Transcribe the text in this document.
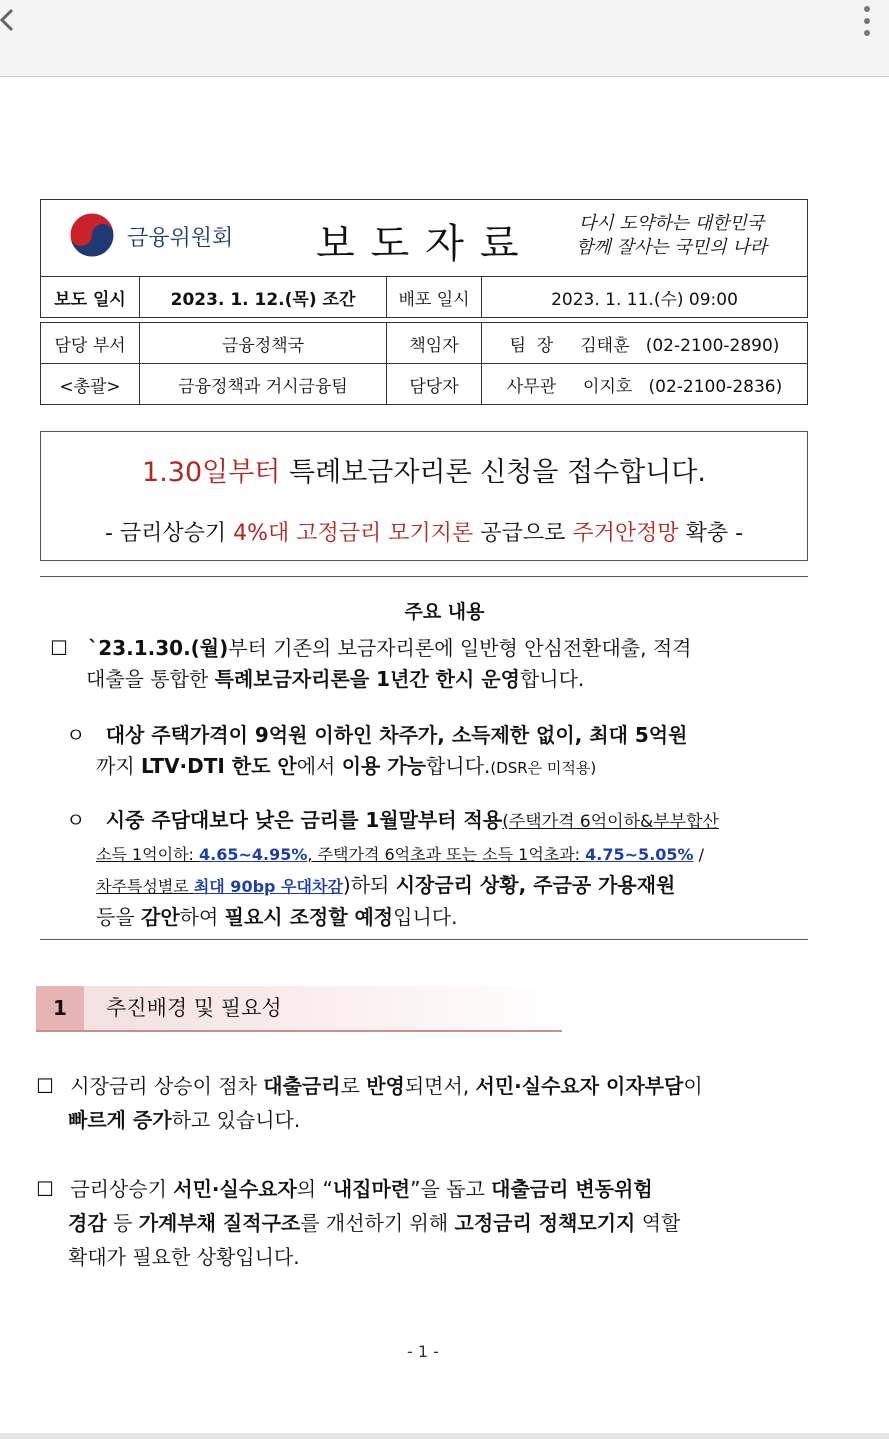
금융위원회 보도자료 다시 도약하는 대한민국
함께 잘사는 국민의 나라			

보도 일시	2023. 1. 12.(목) 조간	배포 일시	2023. 1. 11.(수) 09:00

담당 부서	금융정책국	책임자	팀  장     김태훈   (02-2100-2890)
<총괄>	금융정책과 거시금융팀	담당자	사무관     이지호   (02-2100-2836)
1.30일부터 특례보금자리론 신청을 접수합니다.
- 금리상승기 4%대 고정금리 모기지론 공급으로 주거안정망 확충 -
주요 내용
☐ `23.1.30.(월)부터 기존의 보금자리론에 일반형 안심전환대출, 적격
대출을 통합한 특례보금자리론을 1년간 한시 운영합니다.
ㅇ 대상 주택가격이 9억원 이하인 차주가, 소득제한 없이, 최대 5억원
까지 LTV·DTI 한도 안에서 이용 가능합니다.(DSR은 미적용)
ㅇ 시중 주담대보다 낮은 금리를 1월말부터 적용(주택가격 6억이하&부부합산
소득 1억이하: 4.65~4.95%, 주택가격 6억초과 또는 소득 1억초과: 4.75~5.05% /
차주특성별로 최대 90bp 우대차감)하되 시장금리 상황, 주금공 가용재원
등을 감안하여 필요시 조정할 예정입니다.
1	추진배경 및 필요성
☐ 시장금리 상승이 점차 대출금리로 반영되면서, 서민·실수요자 이자부담이
빠르게 증가하고 있습니다.
☐ 금리상승기 서민·실수요자의 “내집마련”을 돕고 대출금리 변동위험
경감 등 가계부채 질적구조를 개선하기 위해 고정금리 정책모기지 역할
확대가 필요한 상황입니다.
- 1 -
